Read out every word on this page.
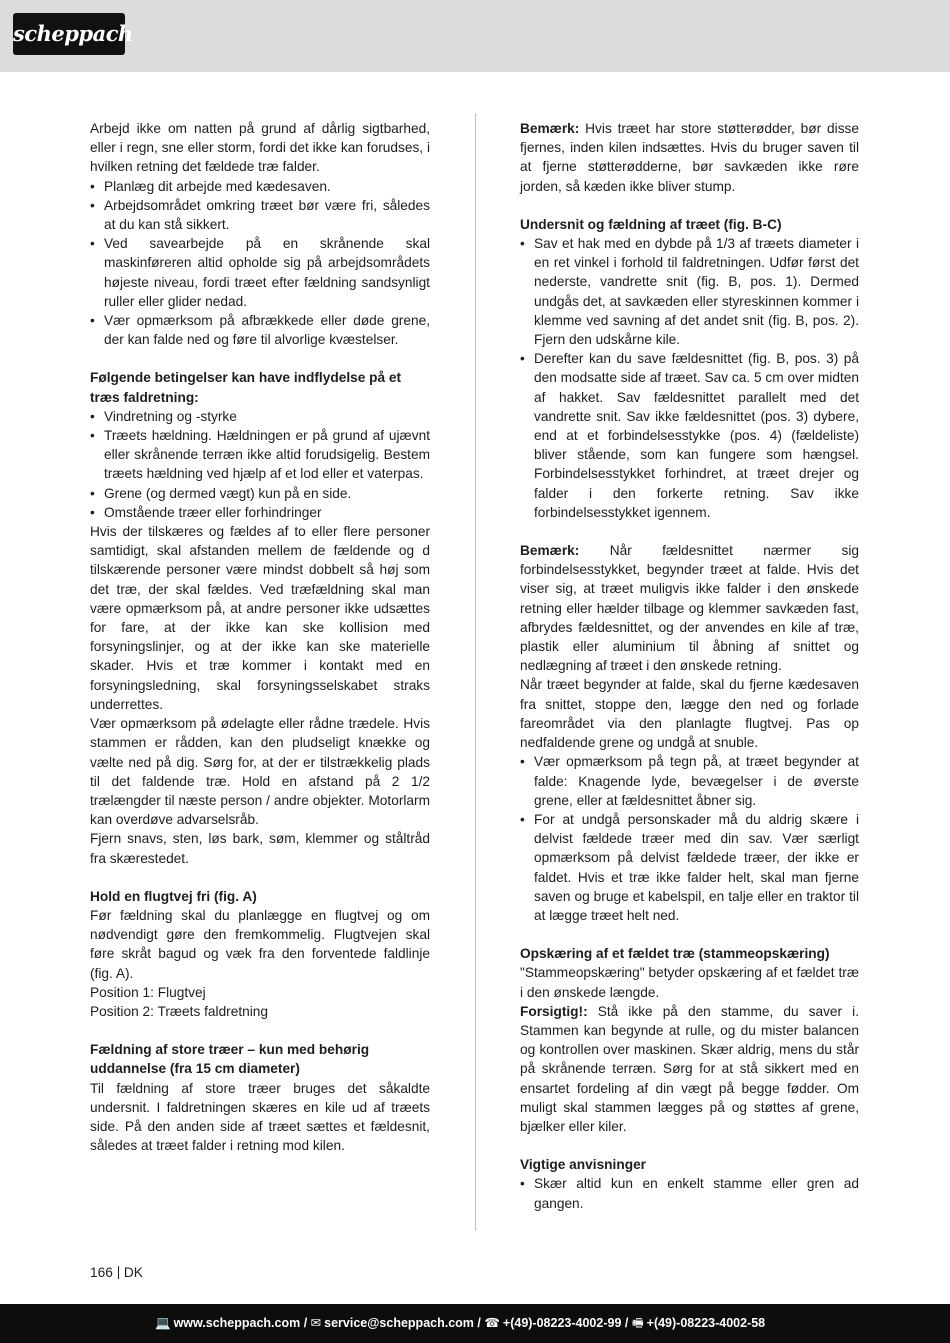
scheppach

Arbejd ikke om natten på grund af dårlig sigtbarhed, eller i regn, sne eller storm, fordi det ikke kan forudses, i hvilken retning det fældede træ falder.

• Planlæg dit arbejde med kædesaven.
• Arbejdsområdet omkring træet bør være fri, således at du kan stå sikkert.
• Ved savearbejde på en skrånende skal maskinføreren altid opholde sig på arbejdsområdets højeste niveau, fordi træet efter fældning sandsynligt ruller eller glider nedad.
• Vær opmærksom på afbrækkede eller døde grene, der kan falde ned og føre til alvorlige kvæstelser.
Følgende betingelser kan have indflydelse på et træs faldretning:
• Vindretning og -styrke
• Træets hældning. Hældningen er på grund af ujævnt eller skrånende terræn ikke altid forudsigelig. Bestem træets hældning ved hjælp af et lod eller et vaterpas.
• Grene (og dermed vægt) kun på en side.
• Omstående træer eller forhindringer

Hvis der tilskæres og fældes af to eller flere personer samtidigt, skal afstanden mellem de fældende og d tilskærende personer være mindst dobbelt så høj som det træ, der skal fældes. Ved træfældning skal man være opmærksom på, at andre personer ikke udsættes for fare, at der ikke kan ske kollision med forsyningslinjer, og at der ikke kan ske materielle skader. Hvis et træ kommer i kontakt med en forsyningsledning, skal forsyningsselskabet straks underrettes.

Vær opmærksom på ødelagte eller rådne trædele. Hvis stammen er rådden, kan den pludseligt knække og vælte ned på dig. Sørg for, at der er tilstrækkelig plads til det faldende træ. Hold en afstand på 2 1/2 trælængder til næste person / andre objekter. Motorlarm kan overdøve advarselsråb.

Fjern snavs, sten, løs bark, søm, klemmer og ståltråd fra skærestedet.

Hold en flugtvej fri (fig. A)

Før fældning skal du planlægge en flugtvej og om nødvendigt gøre den fremkommelig. Flugtvejen skal føre skråt bagud og væk fra den forventede faldlinje (fig. A).

Position 1: Flugtvej

Position 2: Træets faldretning

Fældning af store træer – kun med behørig uddannelse (fra 15 cm diameter)

Til fældning af store træer bruges det såkaldte undersnit. I faldretningen skæres en kile ud af træets side. På den anden side af træet sættes et fældesnit, således at træet falder i retning mod kilen.

Bemærk: Hvis træet har store støtterødder, bør disse fjernes, inden kilen indsættes. Hvis du bruger saven til at fjerne støtterødderne, bør savkæden ikke røre jorden, så kæden ikke bliver stump.

Undersnit og fældning af træet (fig. B-C)
• Sav et hak med en dybde på 1/3 af træets diameter i en ret vinkel i forhold til faldretningen. Udfør først det nederste, vandrette snit (fig. B, pos. 1). Dermed undgås det, at savkæden eller styreskinnen kommer i klemme ved savning af det andet snit (fig. B, pos. 2). Fjern den udskårne kile.
• Derefter kan du save fældesnittet (fig. B, pos. 3) på den modsatte side af træet. Sav ca. 5 cm over midten af hakket. Sav fældesnittet parallelt med det vandrette snit. Sav ikke fældesnittet (pos. 3) dybere, end at et forbindelsesstykke (pos. 4) (fældeliste) bliver stående, som kan fungere som hængsel. Forbindelsesstykket forhindret, at træet drejer og falder i den forkerte retning. Sav ikke forbindelsesstykket igennem.

Bemærk: Når fældesnittet nærmer sig forbindelsesstykket, begynder træet at falde. Hvis det viser sig, at træet muligvis ikke falder i den ønskede retning eller hælder tilbage og klemmer savkæden fast, afbrydes fældesnittet, og der anvendes en kile af træ, plastik eller aluminium til åbning af snittet og nedlægning af træet i den ønskede retning.

Når træet begynder at falde, skal du fjerne kædesaven fra snittet, stoppe den, lægge den ned og forlade fareområdet via den planlagte flugtvej. Pas op nedfaldende grene og undgå at snuble.

• Vær opmærksom på tegn på, at træet begynder at falde: Knagende lyde, bevægelser i de øverste grene, eller at fældesnittet åbner sig.
• For at undgå personskader må du aldrig skære i delvist fældede træer med din sav. Vær særligt opmærksom på delvist fældede træer, der ikke er faldet. Hvis et træ ikke falder helt, skal man fjerne saven og bruge et kabelspil, en talje eller en traktor til at lægge træet helt ned.
Opskæring af et fældet træ (stammeopskæring)

"Stammeopskæring" betyder opskæring af et fældet træ i den ønskede længde.

Forsigtig!: Stå ikke på den stamme, du saver i. Stammen kan begynde at rulle, og du mister balancen og kontrollen over maskinen. Skær aldrig, mens du står på skrånende terræn. Sørg for at stå sikkert med en ensartet fordeling af din vægt på begge fødder. Om muligt skal stammen lægges på og støttes af grene, bjælker eller kiler.

Vigtige anvisninger
• Skær altid kun en enkelt stamme eller gren ad gangen.
166 DK
💻 www.scheppach.com / ✉ service@scheppach.com / ☎ +(49)-08223-4002-99 / 🖷 +(49)-08223-4002-58
